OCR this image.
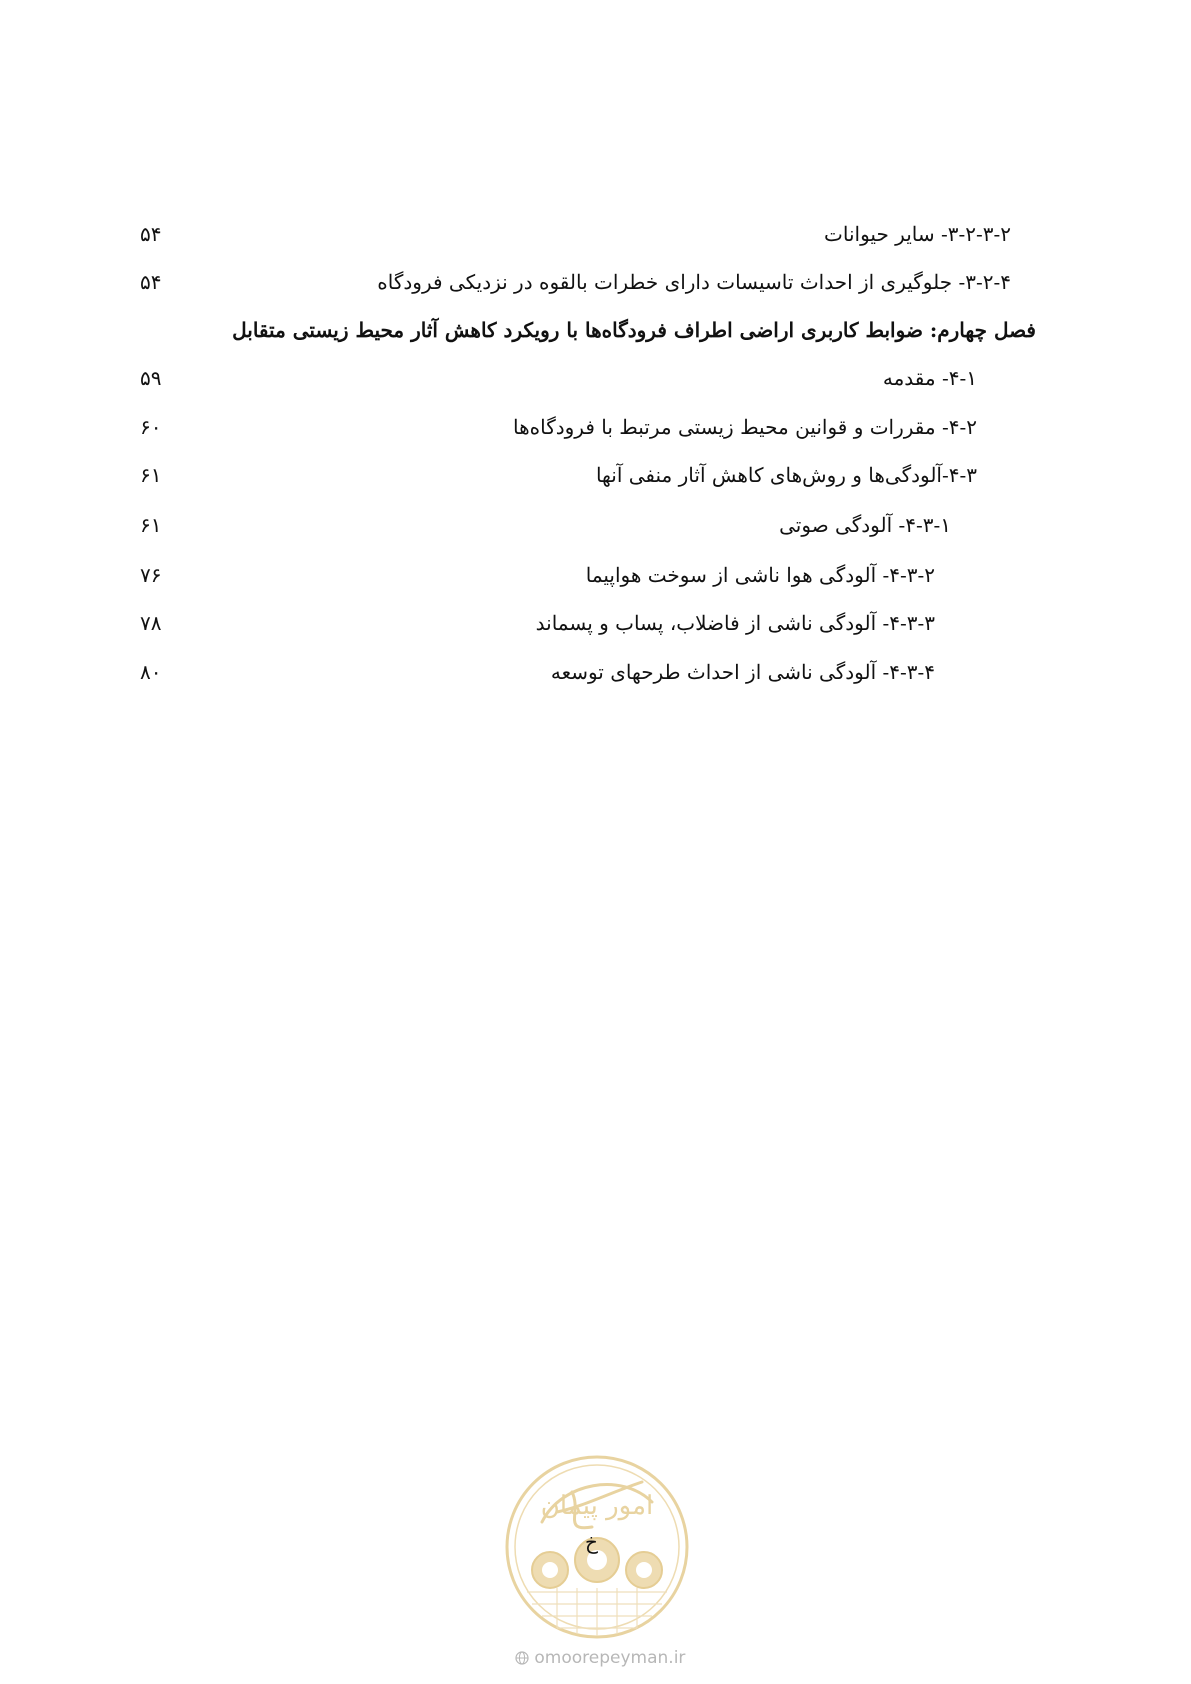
۳-۲-۳-۲- سایر حیوانات
۵۴
۳-۲-۴- جلوگیری از احداث تاسیسات دارای خطرات بالقوه در نزدیکی فرودگاه
۵۴
فصل چهارم: ضوابط کاربری اراضی اطراف فرودگاه‌ها با رویکرد کاهش آثار محیط زیستی متقابل
۴-۱- مقدمه
۵۹
۴-۲- مقررات و قوانین محیط زیستی مرتبط با فرودگاه‌ها
۶۰
۴-۳-آلودگی‌ها و روش‌های کاهش آثار منفی آنها
۶۱
۴-۳-۱- آلودگی صوتی
۶۱
۴-۳-۲- آلودگی هوا ناشی از سوخت هواپیما
۷۶
۴-۳-۳- آلودگی ناشی از فاضلاب، پساب و پسماند
۷۸
۴-۳-۴- آلودگی ناشی از احداث طرحهای توسعه
۸۰
امور پیمان
خ
omoorepeyman.ir
